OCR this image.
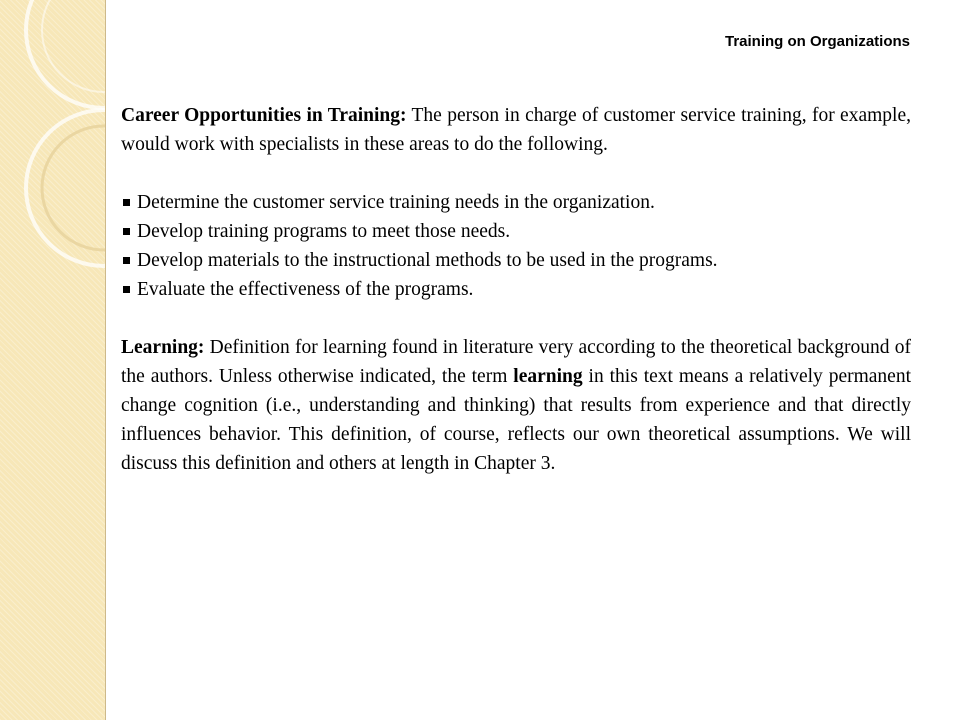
Training on Organizations

Career Opportunities in Training: The person in charge of customer service training, for example, would work with specialists in these areas to do the following.

Determine the customer service training needs in the organization.
Develop training programs to meet those needs.
Develop materials to the instructional methods to be used in the programs.
Evaluate the effectiveness of the programs.

Learning: Definition for learning found in literature very according to the theoretical background of the authors. Unless otherwise indicated, the term learning in this text means a relatively permanent change cognition (i.e., understanding and thinking) that results from experience and that directly influences behavior. This definition, of course, reflects our own theoretical assumptions. We will discuss this definition and others at length in Chapter 3.
